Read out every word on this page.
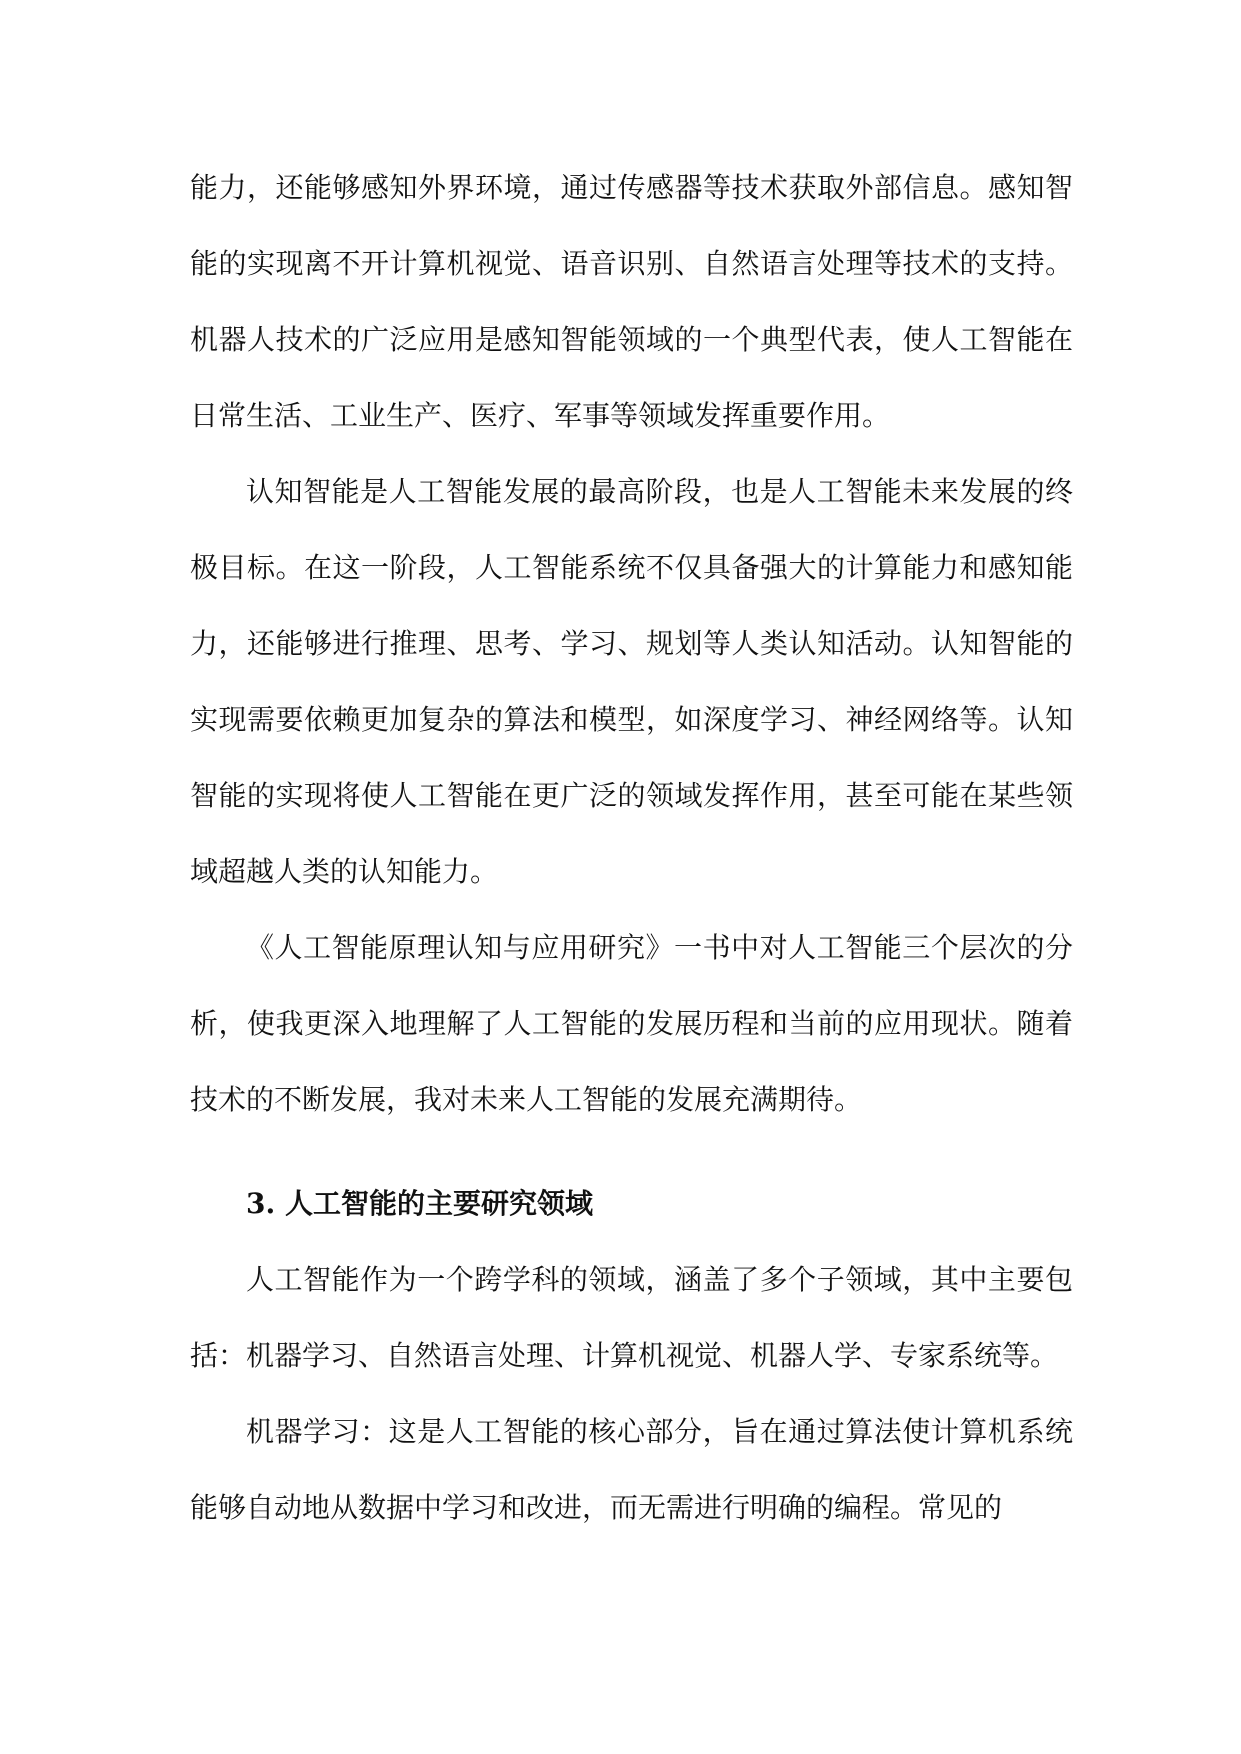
能力，还能够感知外界环境，通过传感器等技术获取外部信息。感知智能的实现离不开计算机视觉、语音识别、自然语言处理等技术的支持。机器人技术的广泛应用是感知智能领域的一个典型代表，使人工智能在日常生活、工业生产、医疗、军事等领域发挥重要作用。

认知智能是人工智能发展的最高阶段，也是人工智能未来发展的终极目标。在这一阶段，人工智能系统不仅具备强大的计算能力和感知能力，还能够进行推理、思考、学习、规划等人类认知活动。认知智能的实现需要依赖更加复杂的算法和模型，如深度学习、神经网络等。认知智能的实现将使人工智能在更广泛的领域发挥作用，甚至可能在某些领域超越人类的认知能力。

《人工智能原理认知与应用研究》一书中对人工智能三个层次的分析，使我更深入地理解了人工智能的发展历程和当前的应用现状。随着技术的不断发展，我对未来人工智能的发展充满期待。

3. 人工智能的主要研究领域

人工智能作为一个跨学科的领域，涵盖了多个子领域，其中主要包括：机器学习、自然语言处理、计算机视觉、机器人学、专家系统等。

机器学习：这是人工智能的核心部分，旨在通过算法使计算机系统能够自动地从数据中学习和改进，而无需进行明确的编程。常见的
